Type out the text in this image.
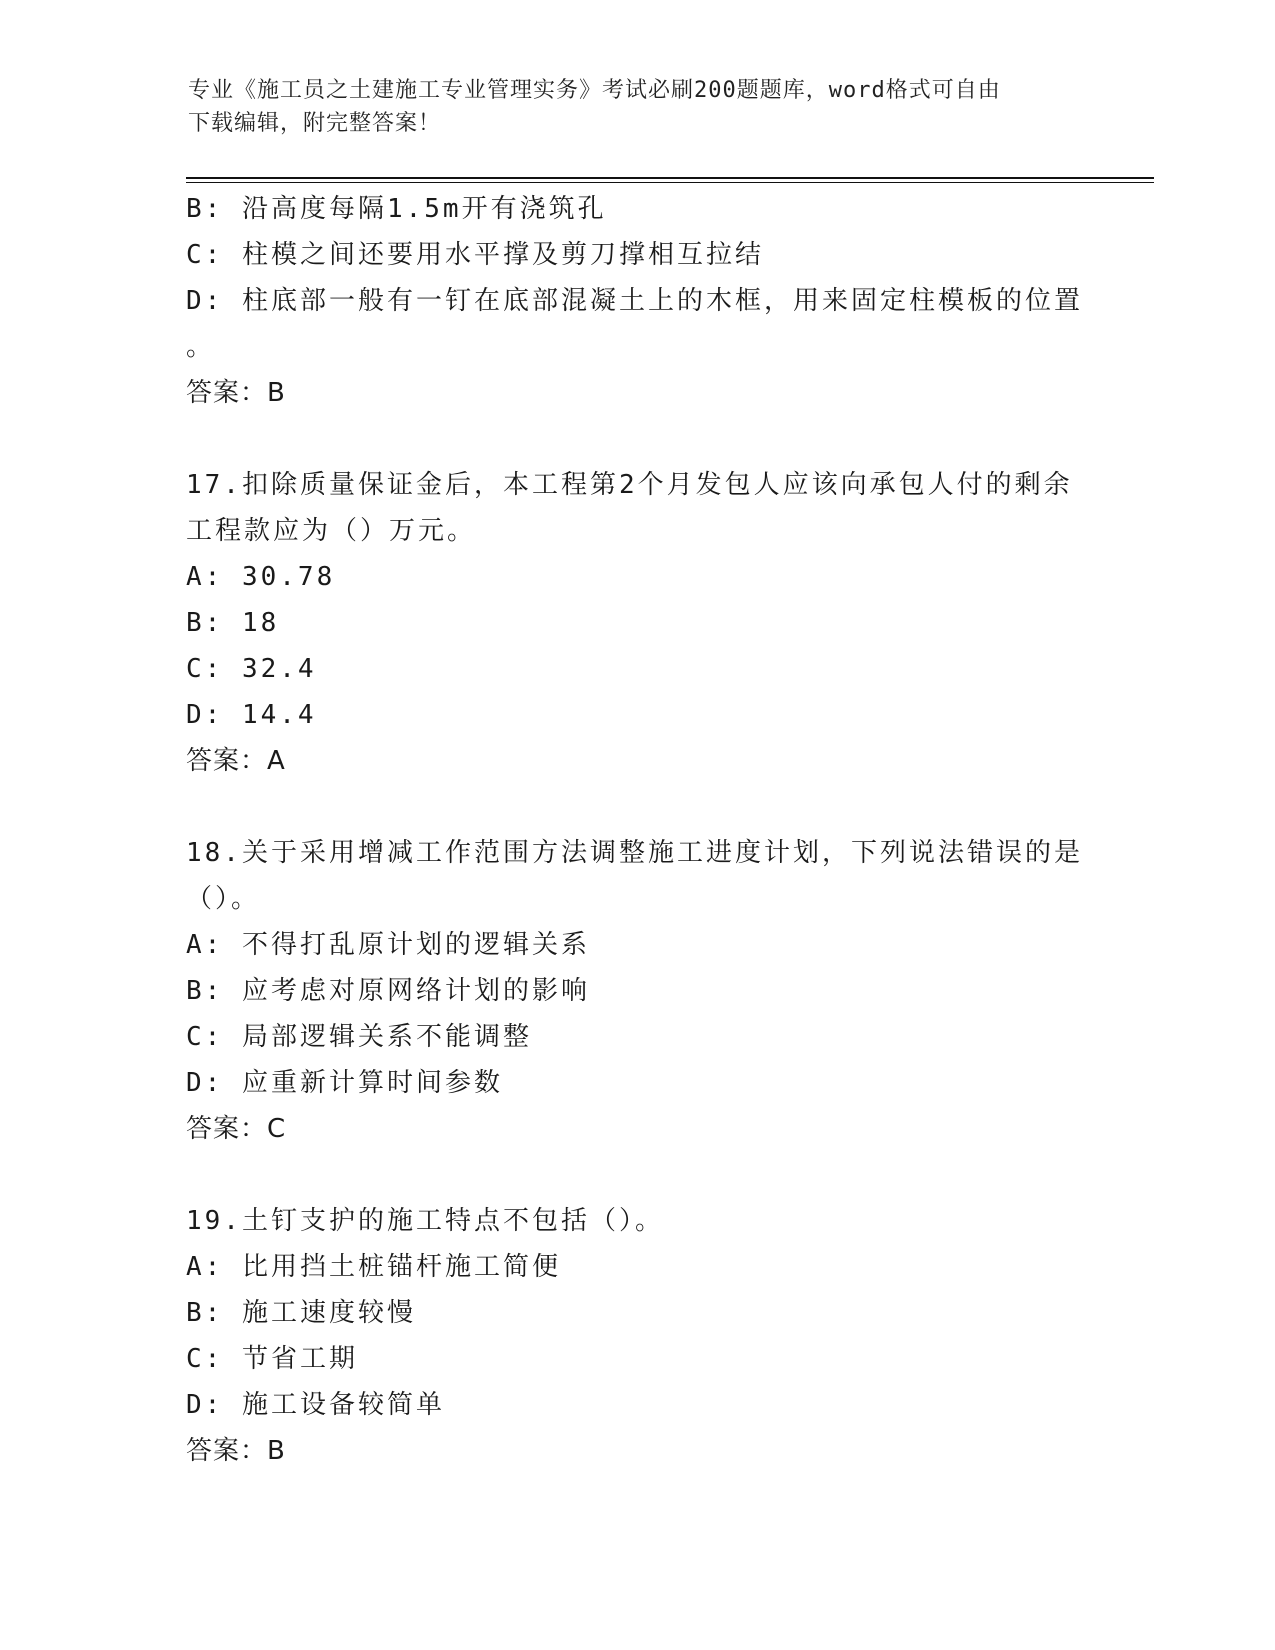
专业《施工员之土建施工专业管理实务》考试必刷200题题库，word格式可自由
下载编辑，附完整答案！
B: 沿高度每隔1.5m开有浇筑孔
C: 柱模之间还要用水平撑及剪刀撑相互拉结
D: 柱底部一般有一钉在底部混凝土上的木框，用来固定柱模板的位置
。
答案：B
17.扣除质量保证金后，本工程第2个月发包人应该向承包人付的剩余
工程款应为（）万元。
A: 30.78
B: 18
C: 32.4
D: 14.4
答案：A
18.关于采用增减工作范围方法调整施工进度计划，下列说法错误的是
（）。
A: 不得打乱原计划的逻辑关系
B: 应考虑对原网络计划的影响
C: 局部逻辑关系不能调整
D: 应重新计算时间参数
答案：C
19.土钉支护的施工特点不包括（）。
A: 比用挡土桩锚杆施工简便
B: 施工速度较慢
C: 节省工期
D: 施工设备较简单
答案：B
